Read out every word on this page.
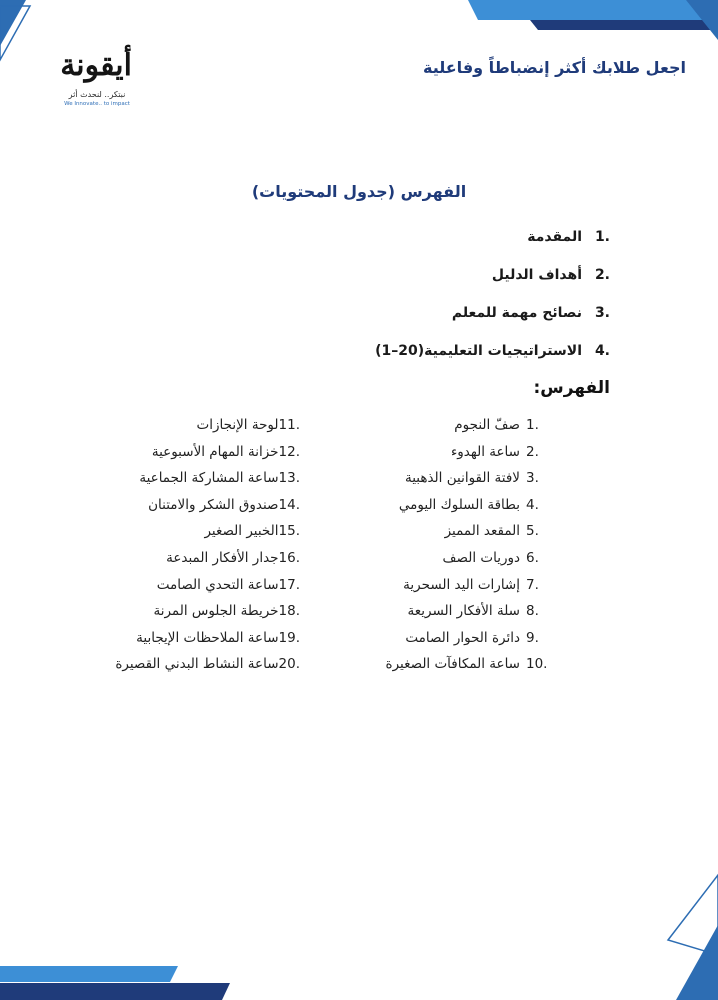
اجعل طلابك أكثر إنضباطاً وفاعلية
أيقونة
نبتكر.. لنحدث أثر
We Innovate.. to impact
الفهرس (جدول المحتويات)
1.
المقدمة
2.
أهداف الدليل
3.
نصائح مهمة للمعلم
4.
الاستراتيجيات التعليمية(20–1)
الفهرس:
1.
صفّ النجوم
2.
ساعة الهدوء
3.
لافتة القوانين الذهبية
4.
بطاقة السلوك اليومي
5.
المقعد المميز
6.
دوريات الصف
7.
إشارات اليد السحرية
8.
سلة الأفكار السريعة
9.
دائرة الحوار الصامت
10.
ساعة المكافآت الصغيرة
11.
لوحة الإنجازات
12.
خزانة المهام الأسبوعية
13.
ساعة المشاركة الجماعية
14.
صندوق الشكر والامتنان
15.
الخبير الصغير
16.
جدار الأفكار المبدعة
17.
ساعة التحدي الصامت
18.
خريطة الجلوس المرنة
19.
ساعة الملاحظات الإيجابية
20.
ساعة النشاط البدني القصيرة
